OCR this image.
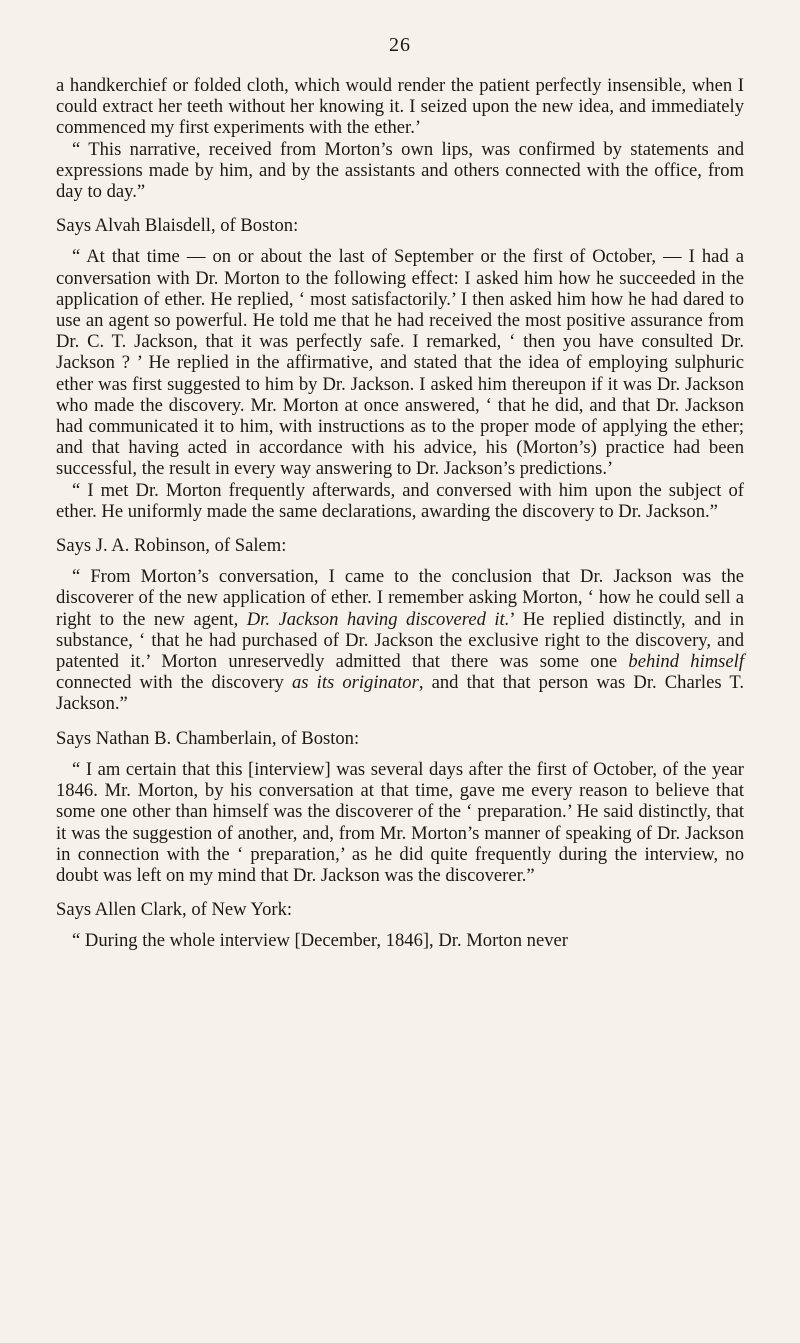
26

a handkerchief or folded cloth, which would render the patient perfectly insensible, when I could extract her teeth without her knowing it. I seized upon the new idea, and immediately commenced my first experiments with the ether.’

“ This narrative, received from Morton’s own lips, was confirmed by statements and expressions made by him, and by the assistants and others connected with the office, from day to day.”

Says Alvah Blaisdell, of Boston:

“ At that time — on or about the last of September or the first of October, — I had a conversation with Dr. Morton to the following effect: I asked him how he succeeded in the application of ether. He replied, ‘ most satisfactorily.’ I then asked him how he had dared to use an agent so powerful. He told me that he had received the most positive assurance from Dr. C. T. Jackson, that it was perfectly safe. I remarked, ‘ then you have consulted Dr. Jackson ? ’ He replied in the affirmative, and stated that the idea of employing sulphuric ether was first suggested to him by Dr. Jackson. I asked him thereupon if it was Dr. Jackson who made the discovery. Mr. Morton at once answered, ‘ that he did, and that Dr. Jackson had communicated it to him, with instructions as to the proper mode of applying the ether; and that having acted in accordance with his advice, his (Morton’s) practice had been successful, the result in every way answering to Dr. Jackson’s predictions.’

“ I met Dr. Morton frequently afterwards, and conversed with him upon the subject of ether. He uniformly made the same declarations, awarding the discovery to Dr. Jackson.”

Says J. A. Robinson, of Salem:

“ From Morton’s conversation, I came to the conclusion that Dr. Jackson was the discoverer of the new application of ether. I remember asking Morton, ‘ how he could sell a right to the new agent, Dr. Jackson having discovered it.’ He replied distinctly, and in substance, ‘ that he had purchased of Dr. Jackson the exclusive right to the discovery, and patented it.’ Morton unreservedly admitted that there was some one behind himself connected with the discovery as its originator, and that that person was Dr. Charles T. Jackson.”

Says Nathan B. Chamberlain, of Boston:

“ I am certain that this [interview] was several days after the first of October, of the year 1846. Mr. Morton, by his conversation at that time, gave me every reason to believe that some one other than himself was the discoverer of the ‘ preparation.’ He said distinctly, that it was the suggestion of another, and, from Mr. Morton’s manner of speaking of Dr. Jackson in connection with the ‘ preparation,’ as he did quite frequently during the interview, no doubt was left on my mind that Dr. Jackson was the discoverer.”

Says Allen Clark, of New York:

“ During the whole interview [December, 1846], Dr. Morton never
